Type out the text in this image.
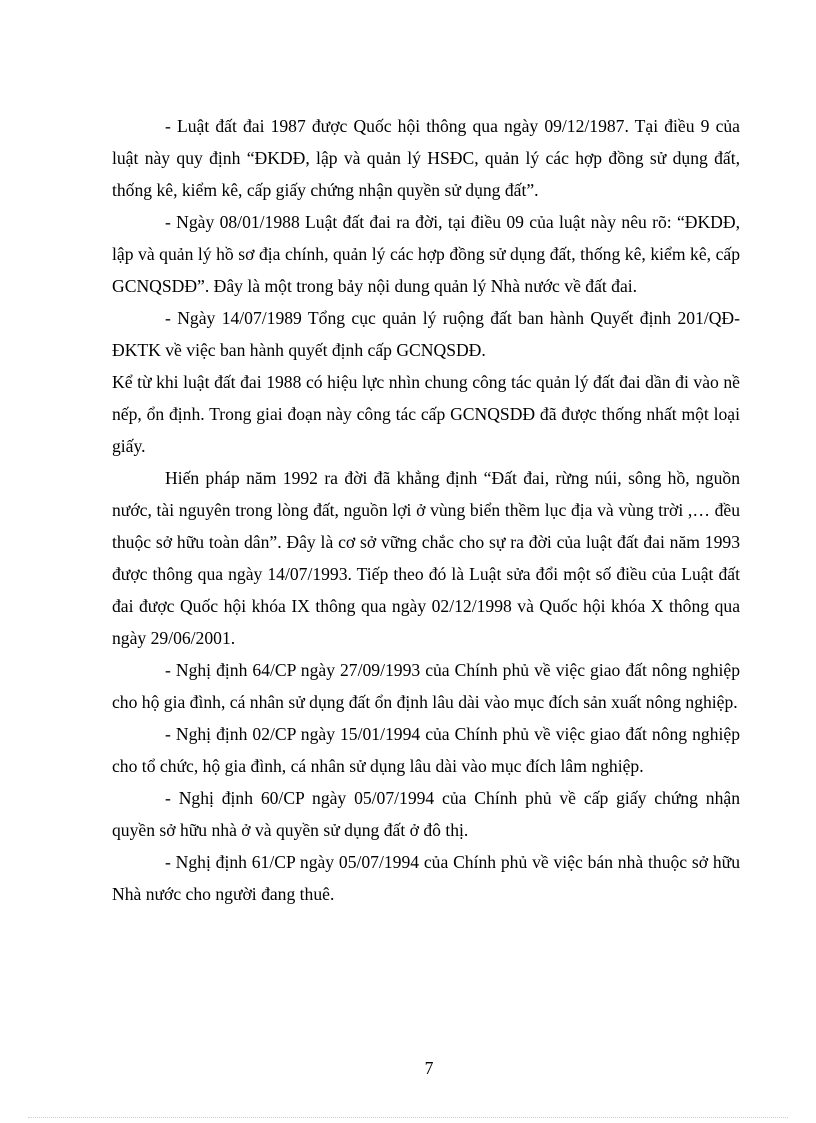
- Luật đất đai 1987 được Quốc hội thông qua ngày 09/12/1987. Tại điều 9 của luật này quy định “ĐKDĐ, lập và quản lý HSĐC, quản lý các hợp đồng sử dụng đất, thống kê, kiểm kê, cấp giấy chứng nhận quyền sử dụng đất”.

- Ngày 08/01/1988 Luật đất đai ra đời, tại điều 09 của luật này nêu rõ: “ĐKDĐ, lập và quản lý hồ sơ địa chính, quản lý các hợp đồng sử dụng đất, thống kê, kiểm kê, cấp GCNQSDĐ”. Đây là một trong bảy nội dung quản lý Nhà nước về đất đai.

- Ngày 14/07/1989 Tổng cục quản lý ruộng đất ban hành Quyết định 201/QĐ- ĐKTK về việc ban hành quyết định cấp GCNQSDĐ.

Kể từ khi luật đất đai 1988 có hiệu lực nhìn chung công tác quản lý đất đai dần đi vào nề nếp, ổn định. Trong giai đoạn này công tác cấp GCNQSDĐ đã được thống nhất một loại giấy.

Hiến pháp năm 1992 ra đời đã khẳng định “Đất đai, rừng núi, sông hồ, nguồn nước, tài nguyên trong lòng đất, nguồn lợi ở vùng biển thềm lục địa và vùng trời ,… đều thuộc sở hữu toàn dân”. Đây là cơ sở vững chắc cho sự ra đời của luật đất đai năm 1993 được thông qua ngày 14/07/1993. Tiếp theo đó là Luật sửa đổi một số điều của Luật đất đai được Quốc hội khóa IX thông qua ngày 02/12/1998 và Quốc hội khóa X thông qua ngày 29/06/2001.

- Nghị định 64/CP ngày 27/09/1993 của Chính phủ về việc giao đất nông nghiệp cho hộ gia đình, cá nhân sử dụng đất ổn định lâu dài vào mục đích sản xuất nông nghiệp.

- Nghị định 02/CP ngày 15/01/1994 của Chính phủ về việc giao đất nông nghiệp cho tổ chức, hộ gia đình, cá nhân sử dụng lâu dài vào mục đích lâm nghiệp.

- Nghị định 60/CP ngày 05/07/1994 của Chính phủ về cấp giấy chứng nhận quyền sở hữu nhà ở và quyền sử dụng đất ở đô thị.

- Nghị định 61/CP ngày 05/07/1994 của Chính phủ về việc bán nhà thuộc sở hữu Nhà nước cho người đang thuê.

7
